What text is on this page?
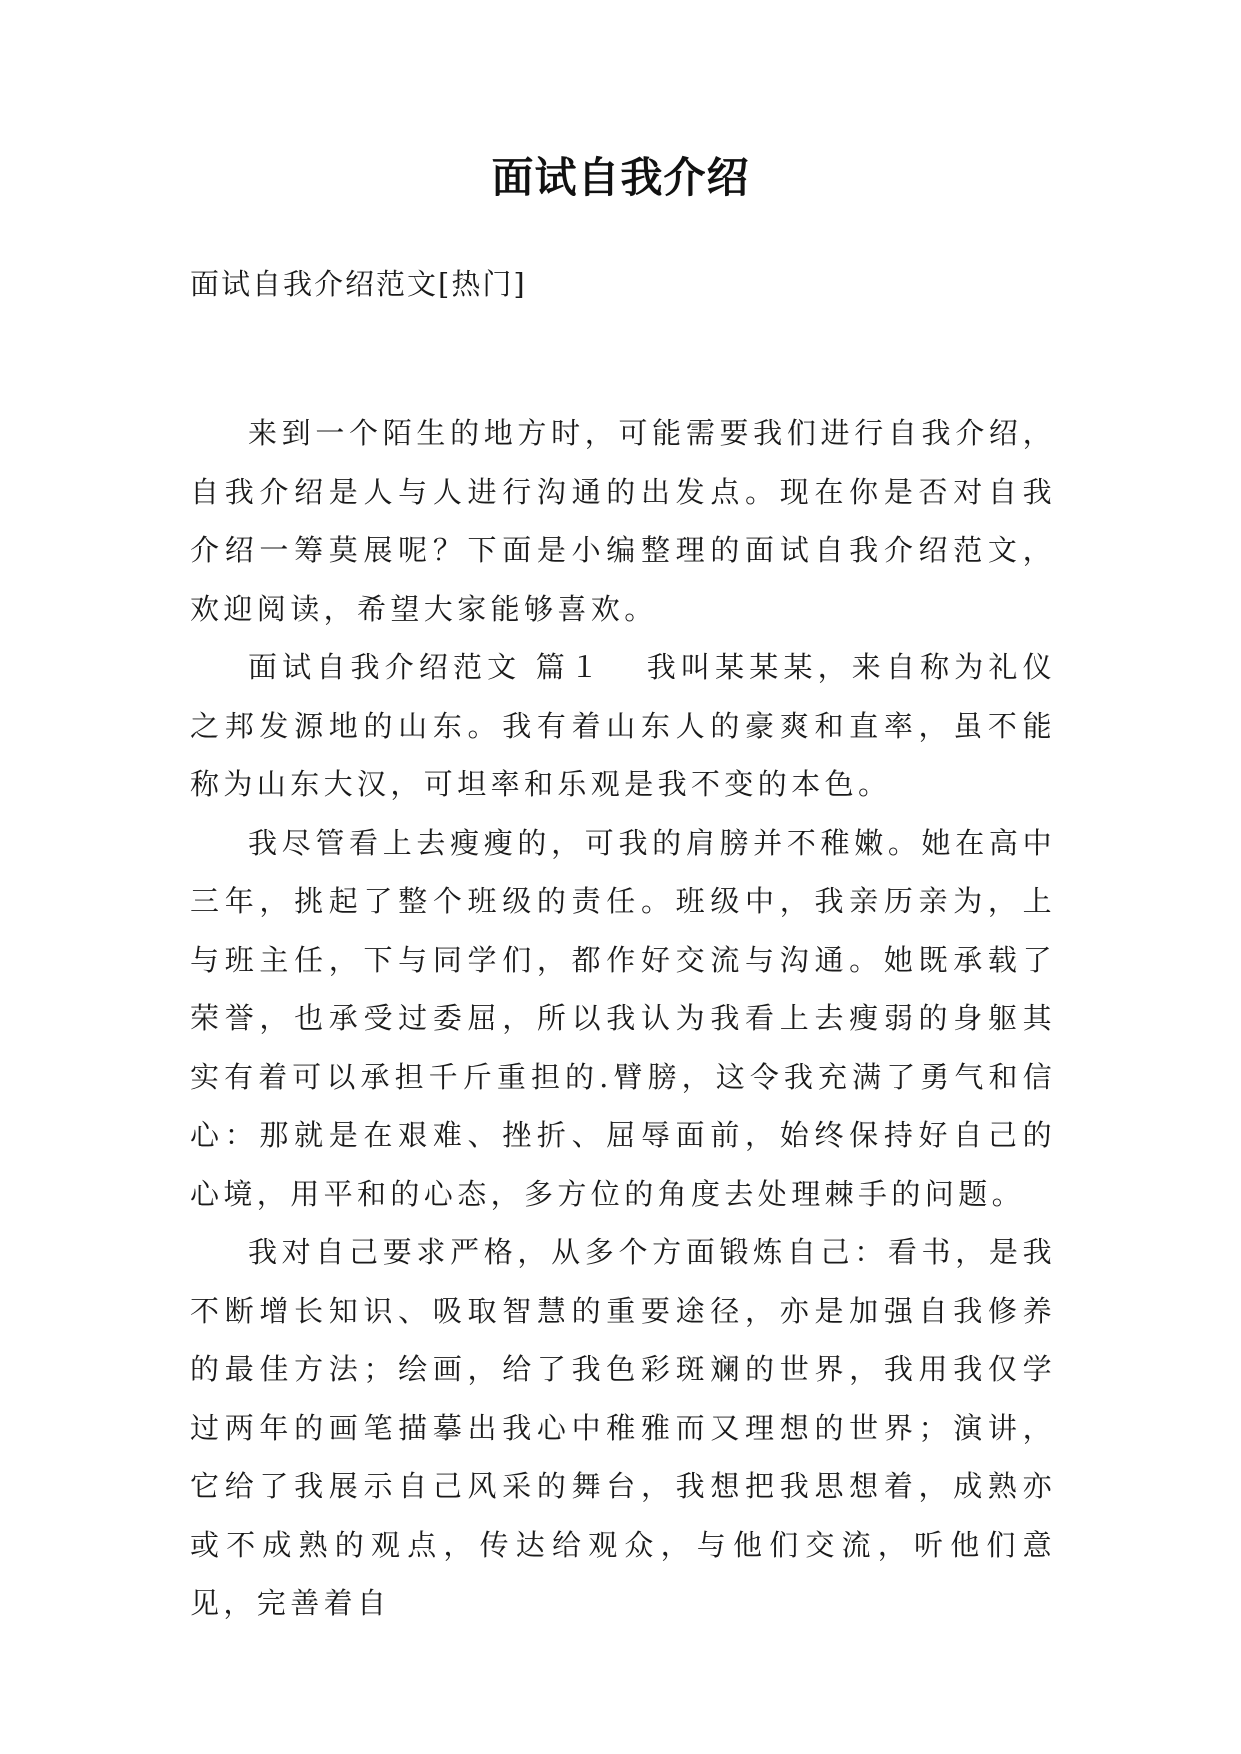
面试自我介绍
面试自我介绍范文[热门]

来到一个陌生的地方时，可能需要我们进行自我介绍，自我介绍是人与人进行沟通的出发点。现在你是否对自我介绍一筹莫展呢？下面是小编整理的面试自我介绍范文，欢迎阅读，希望大家能够喜欢。

面试自我介绍范文 篇１ 我叫某某某，来自称为礼仪之邦发源地的山东。我有着山东人的豪爽和直率，虽不能称为山东大汉，可坦率和乐观是我不变的本色。

我尽管看上去瘦瘦的，可我的肩膀并不稚嫩。她在高中三年，挑起了整个班级的责任。班级中，我亲历亲为，上与班主任，下与同学们，都作好交流与沟通。她既承载了荣誉，也承受过委屈，所以我认为我看上去瘦弱的身躯其实有着可以承担千斤重担的.臂膀，这令我充满了勇气和信心：那就是在艰难、挫折、屈辱面前，始终保持好自己的心境，用平和的心态，多方位的角度去处理棘手的问题。

我对自己要求严格，从多个方面锻炼自己：看书，是我不断增长知识、吸取智慧的重要途径，亦是加强自我修养的最佳方法；绘画，给了我色彩斑斓的世界，我用我仅学过两年的画笔描摹出我心中稚雅而又理想的世界；演讲，它给了我展示自己风采的舞台，我想把我思想着，成熟亦或不成熟的观点，传达给观众，与他们交流，听他们意见，完善着自
